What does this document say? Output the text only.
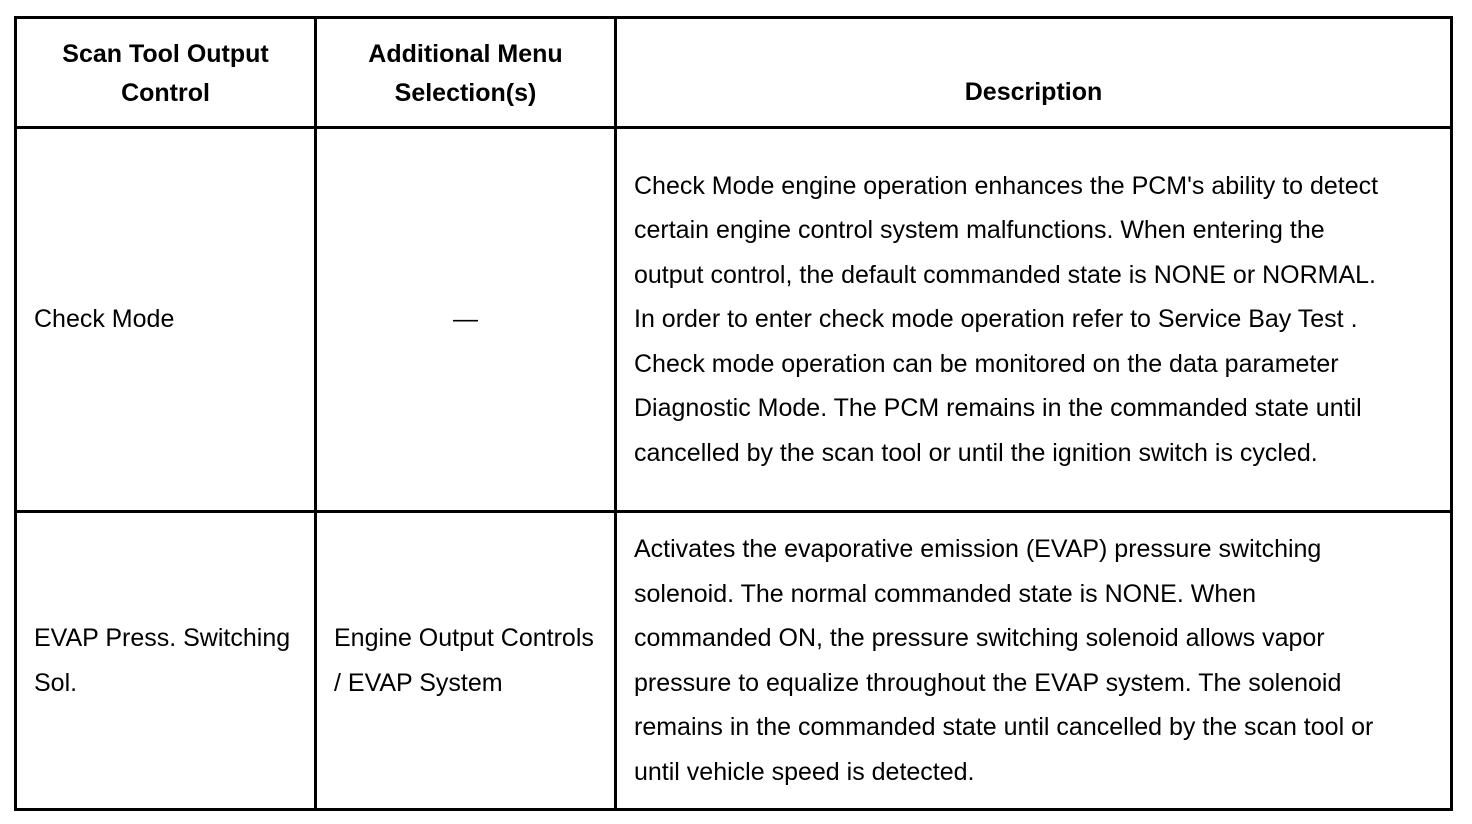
Scan Tool Output Control	Additional Menu Selection(s)	Description
Check Mode	—	Check Mode engine operation enhances the PCM's ability to detect certain engine control system malfunctions. When entering the output control, the default commanded state is NONE or NORMAL. In order to enter check mode operation refer to Service Bay Test . Check mode operation can be monitored on the data parameter Diagnostic Mode. The PCM remains in the commanded state until cancelled by the scan tool or until the ignition switch is cycled.

EVAP Press. Switching Sol.	Engine Output Controls / EVAP System	Activates the evaporative emission (EVAP) pressure switching solenoid. The normal commanded state is NONE. When commanded ON, the pressure switching solenoid allows vapor pressure to equalize throughout the EVAP system. The solenoid remains in the commanded state until cancelled by the scan tool or until vehicle speed is detected.
